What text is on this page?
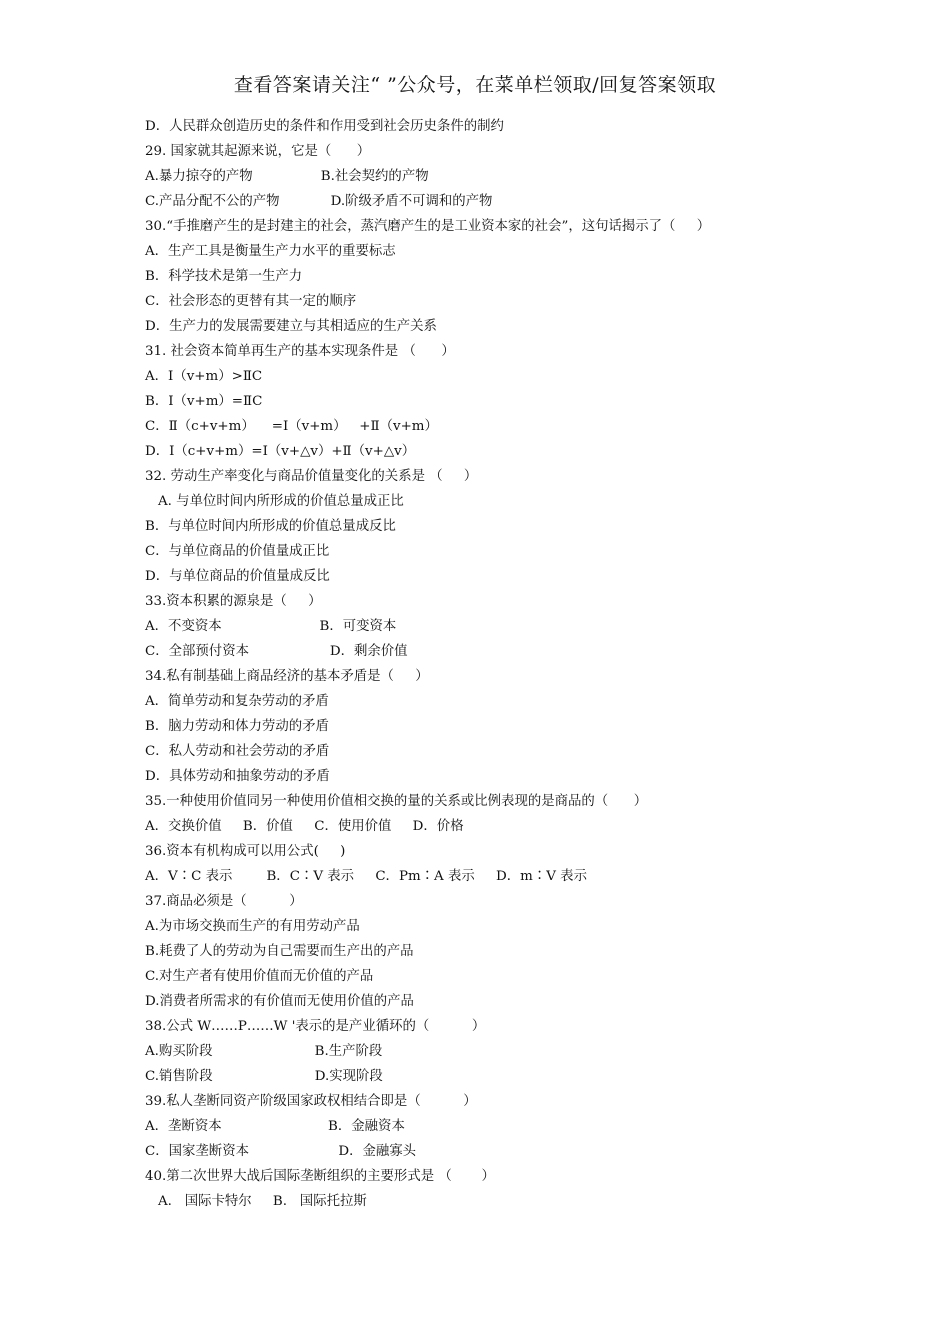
查看答案请关注“ ”公众号，在菜单栏领取/回复答案领取
D．人民群众创造历史的条件和作用受到社会历史条件的制约
29. 国家就其起源来说，它是（      ）
A.暴力掠夺的产物                B.社会契约的产物
C.产品分配不公的产物            D.阶级矛盾不可调和的产物
30.“手推磨产生的是封建主的社会，蒸汽磨产生的是工业资本家的社会”，这句话揭示了（     ）
A．生产工具是衡量生产力水平的重要标志
B．科学技术是第一生产力
C．社会形态的更替有其一定的顺序
D．生产力的发展需要建立与其相适应的生产关系
31. 社会资本简单再生产的基本实现条件是 （      ）
A．Ⅰ（v+m）>ⅡC
B．Ⅰ（v+m）=ⅡC
C．Ⅱ（c+v+m）    =I（v+m）   +Ⅱ（v+m）
D．Ⅰ（c+v+m）=I（v+△v）+Ⅱ（v+△v）
32. 劳动生产率变化与商品价值量变化的关系是 （     ）
A. 与单位时间内所形成的价值总量成正比
B．与单位时间内所形成的价值总量成反比
C．与单位商品的价值量成正比
D．与单位商品的价值量成反比
33.资本积累的源泉是（     ）
A．不变资本                       B．可变资本
C．全部预付资本                   D．剩余价值
34.私有制基础上商品经济的基本矛盾是（     ）
A．简单劳动和复杂劳动的矛盾
B．脑力劳动和体力劳动的矛盾
C．私人劳动和社会劳动的矛盾
D．具体劳动和抽象劳动的矛盾
35.一种使用价值同另一种使用价值相交换的量的关系或比例表现的是商品的（      ）
A．交换价值     B．价值     C．使用价值     D．价格
36.资本有机构成可以用公式(     )
A．V∶C 表示        B．C∶V 表示     C．Pm∶A 表示     D．m∶V 表示
37.商品必须是（          ）
A.为市场交换而生产的有用劳动产品
B.耗费了人的劳动为自己需要而生产出的产品
C.对生产者有使用价值而无价值的产品
D.消费者所需求的有价值而无使用价值的产品
38.公式 W……P……W '表示的是产业循环的（          ）
A.购买阶段                        B.生产阶段
C.销售阶段                        D.实现阶段
39.私人垄断同资产阶级国家政权相结合即是（          ）
A．垄断资本                         B．金融资本
C．国家垄断资本                     D．金融寡头
40.第二次世界大战后国际垄断组织的主要形式是 （       ）
A.   国际卡特尔     B.   国际托拉斯
